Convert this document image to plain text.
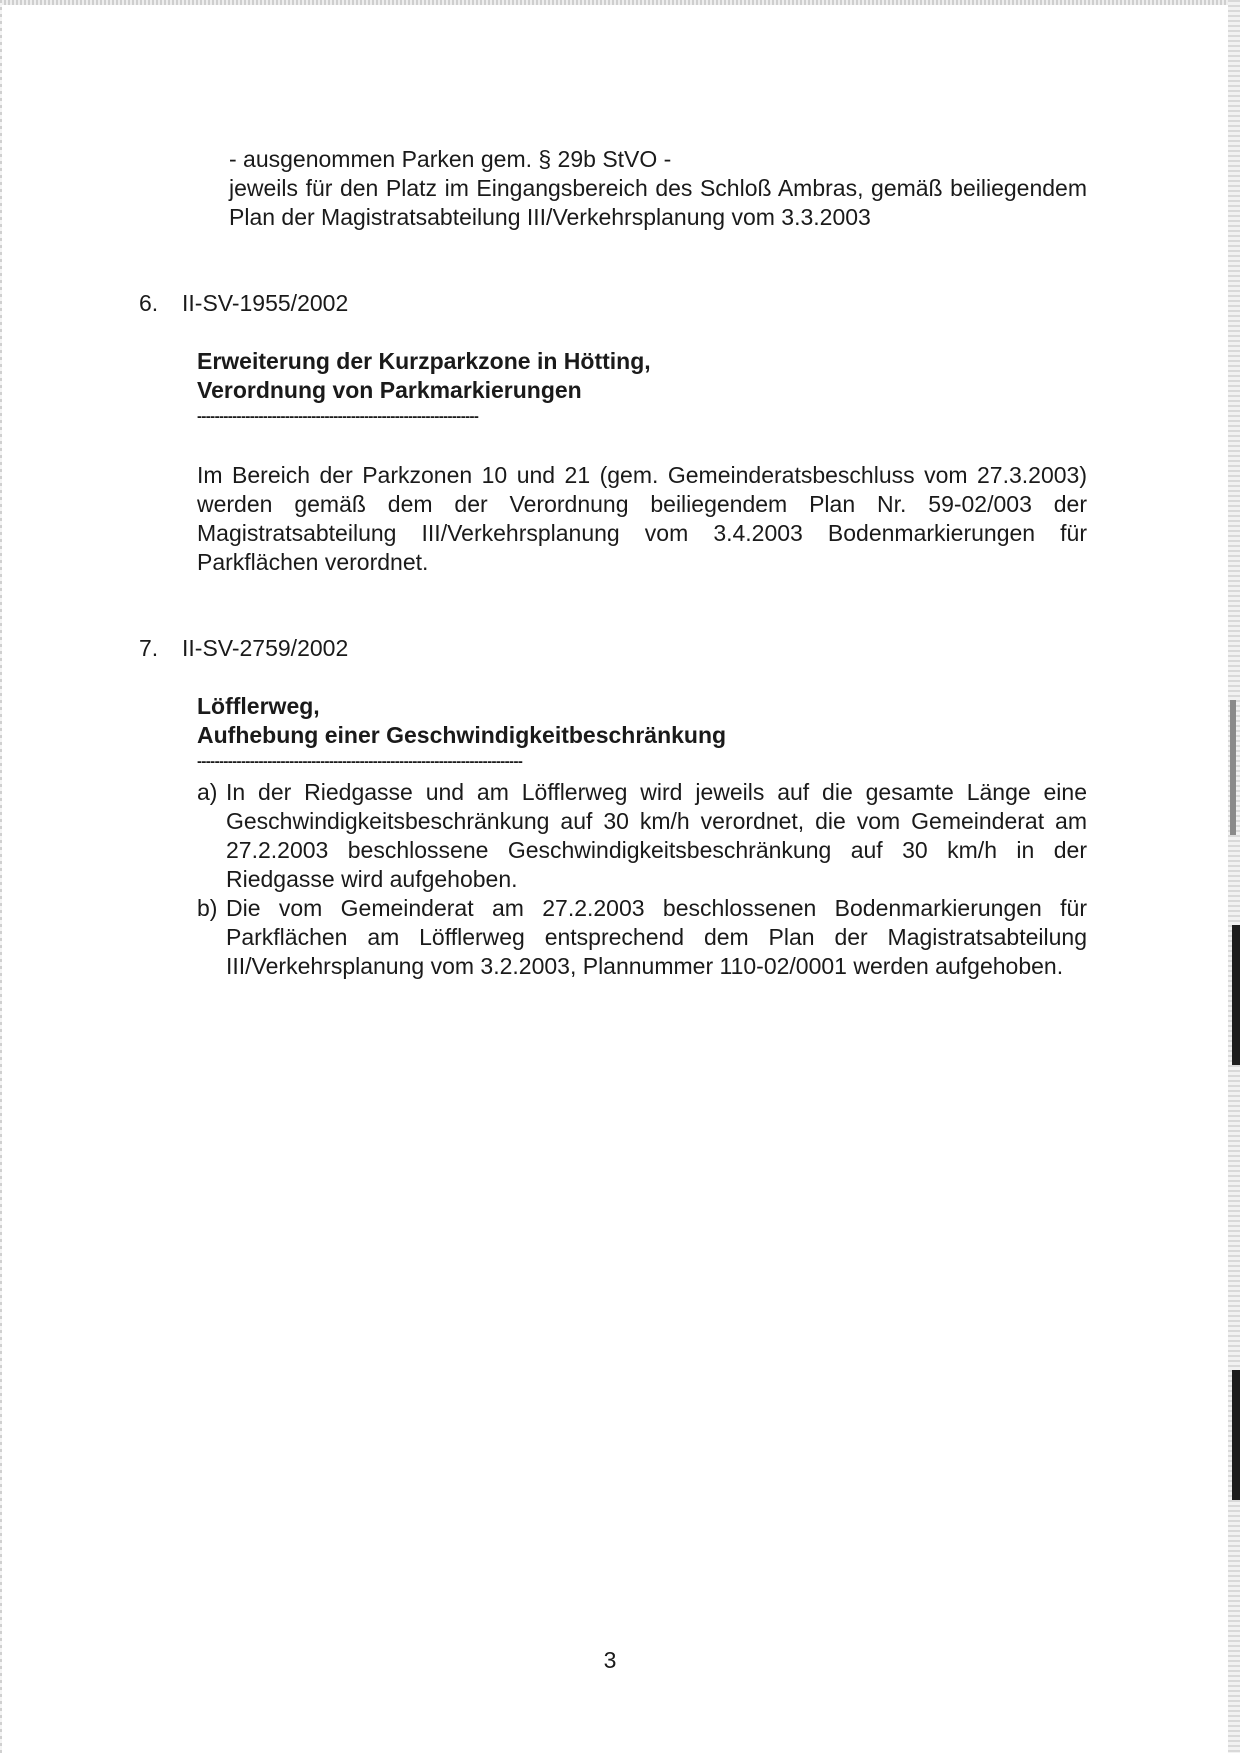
- ausgenommen Parken gem. § 29b StVO -
jeweils für den Platz im Eingangsbereich des Schloß Ambras, gemäß beiliegendem Plan der Magistratsabteilung III/Verkehrsplanung vom 3.3.2003
6. II-SV-1955/2002
Erweiterung der Kurzparkzone in Hötting,
Verordnung von Parkmarkierungen
----------------------------------------------------------------
Im Bereich der Parkzonen 10 und 21 (gem. Gemeinderatsbeschluss vom 27.3.2003) werden gemäß dem der Verordnung beiliegendem Plan Nr. 59-02/003 der Magistratsabteilung III/Verkehrsplanung vom 3.4.2003 Bodenmarkierungen für Parkflächen verordnet.
7. II-SV-2759/2002
Löfflerweg,
Aufhebung einer Geschwindigkeitbeschränkung
--------------------------------------------------------------------------
a) In der Riedgasse und am Löfflerweg wird jeweils auf die gesamte Länge eine Geschwindigkeitsbeschränkung auf 30 km/h verordnet, die vom Gemeinderat am 27.2.2003 beschlossene Geschwindigkeitsbeschränkung auf 30 km/h in der Riedgasse wird aufgehoben.
b) Die vom Gemeinderat am 27.2.2003 beschlossenen Bodenmarkierungen für Parkflächen am Löfflerweg entsprechend dem Plan der Magistratsabteilung III/Verkehrsplanung vom 3.2.2003, Plannummer 110-02/0001 werden aufgehoben.
3
